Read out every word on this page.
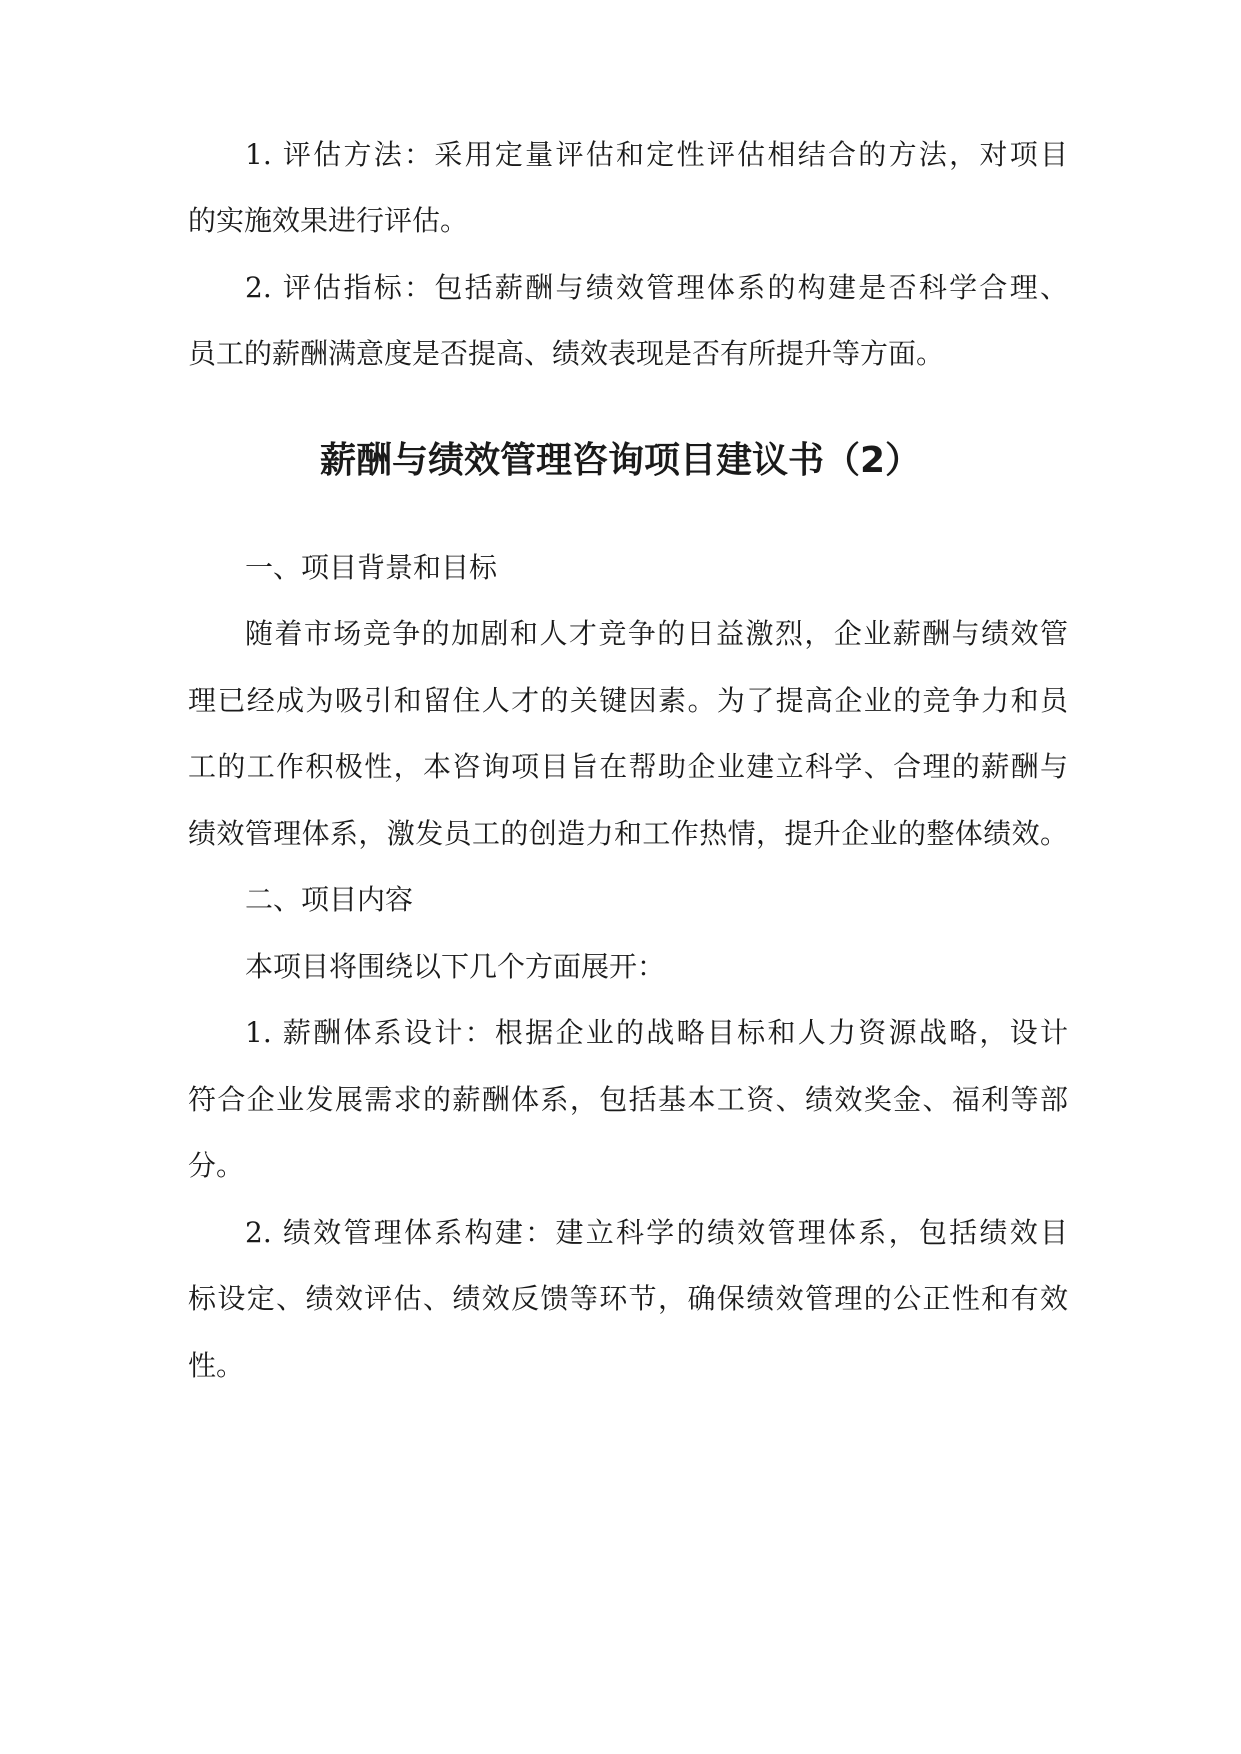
1. 评估方法：采用定量评估和定性评估相结合的方法，对项目
的实施效果进行评估。
2. 评估指标：包括薪酬与绩效管理体系的构建是否科学合理、
员工的薪酬满意度是否提高、绩效表现是否有所提升等方面。
薪酬与绩效管理咨询项目建议书（2）
一、项目背景和目标
随着市场竞争的加剧和人才竞争的日益激烈，企业薪酬与绩效管
理已经成为吸引和留住人才的关键因素。为了提高企业的竞争力和员
工的工作积极性，本咨询项目旨在帮助企业建立科学、合理的薪酬与
绩效管理体系，激发员工的创造力和工作热情，提升企业的整体绩效。
二、项目内容
本项目将围绕以下几个方面展开：
1. 薪酬体系设计：根据企业的战略目标和人力资源战略，设计
符合企业发展需求的薪酬体系，包括基本工资、绩效奖金、福利等部
分。
2. 绩效管理体系构建：建立科学的绩效管理体系，包括绩效目
标设定、绩效评估、绩效反馈等环节，确保绩效管理的公正性和有效
性。
